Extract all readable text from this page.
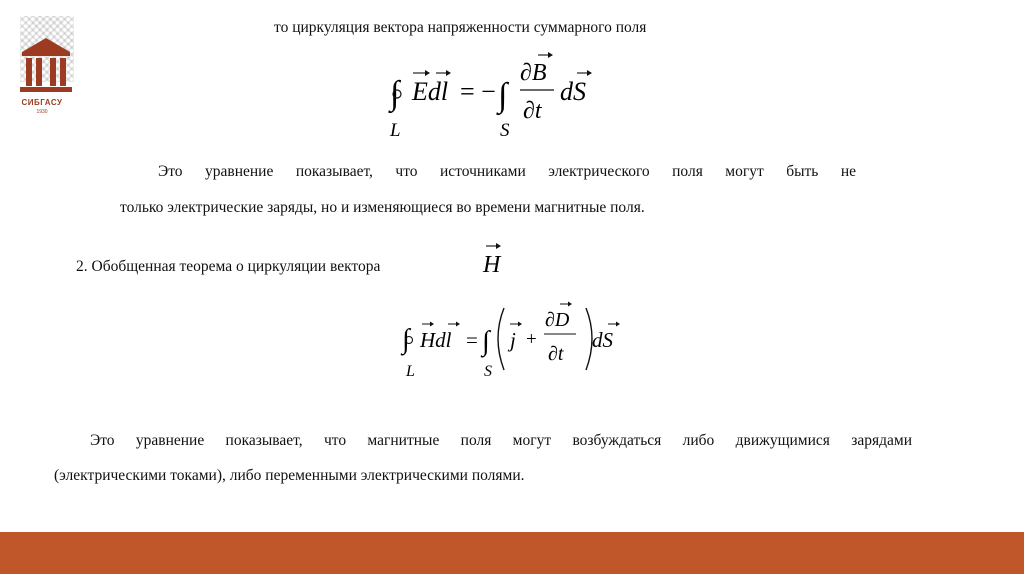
СИБГАСУ
1930
то циркуляция вектора напряженности суммарного поля
∫
L
Edl = − ∫
S
∂B
∂t
dS
Это уравнение показывает, что источниками электрического поля могут быть не
только электрические заряды, но и изменяющиеся во времени магнитные поля.
2. Обобщенная теорема о циркуляции вектора	H
∫
L
Hdl = ∫
S
j +
∂D
∂t
dS
Это уравнение показывает, что магнитные поля могут возбуждаться либо движущимися зарядами
(электрическими токами), либо переменными электрическими полями.
